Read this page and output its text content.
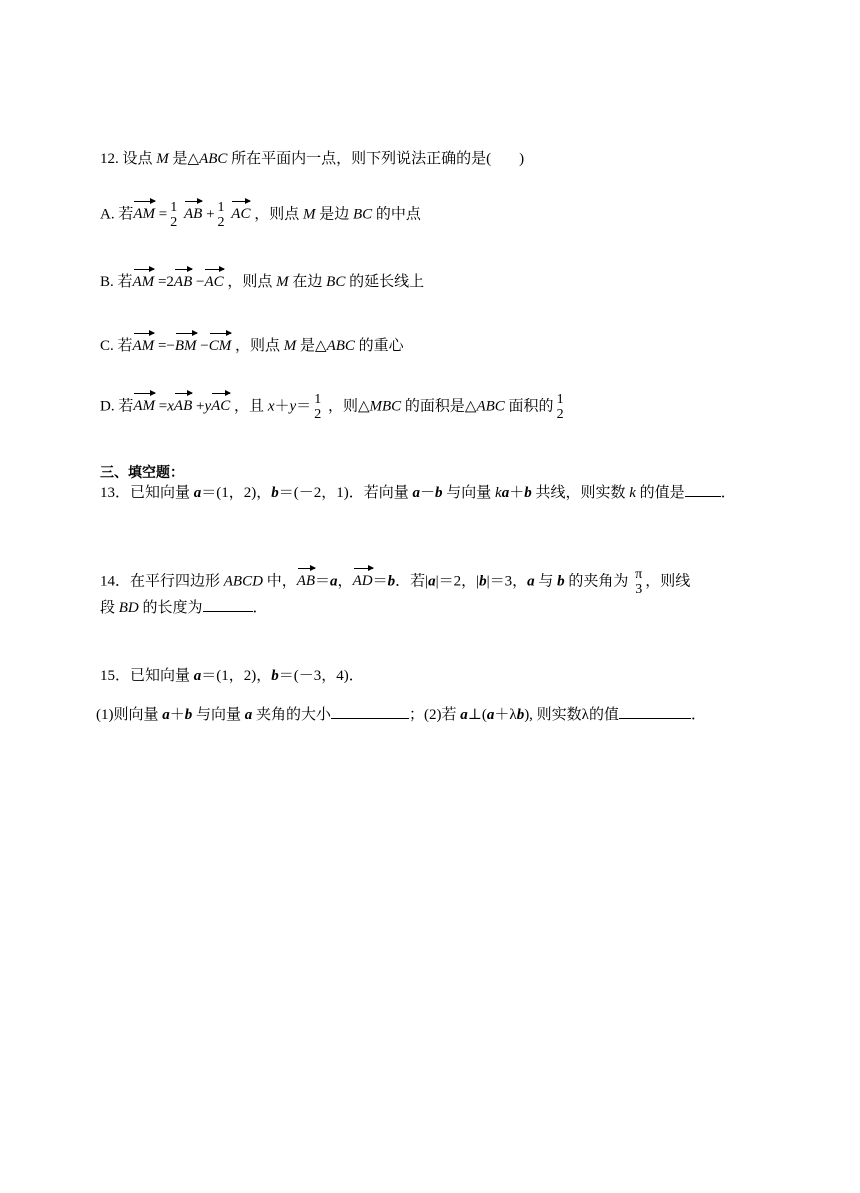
12. 设点 M 是△ABC 所在平面内一点，则下列说法正确的是( )
A. 若AM = 1
2
AB + 1
2
AC ，则点 M 是边 BC 的中点
B. 若AM =2AB −AC ，则点 M 在边 BC 的延长线上
C. 若AM =−BM −CM ，则点 M 是△ABC 的重心
D. 若AM =xAB +yAC ，且 x＋y＝ 1
2
，则△MBC 的面积是△ABC 面积的 1
2
三、填空题：
13．已知向量 a＝(1，2)，b＝(－2，1)．若向量 a－b 与向量 ka＋b 共线，则实数 k 的值是 ．
14．在平行四边形 ABCD 中，AB＝a，AD＝b．若|a|＝2，|b|＝3，a 与 b 的夹角为 π
3
，则线
段 BD 的长度为	．
15．已知向量 a＝(1，2)，b＝(－3，4)．
(1)则向量 a＋b 与向量 a 夹角的大小	；(2)若 a⊥(a＋λb), 则实数λ的值	．
